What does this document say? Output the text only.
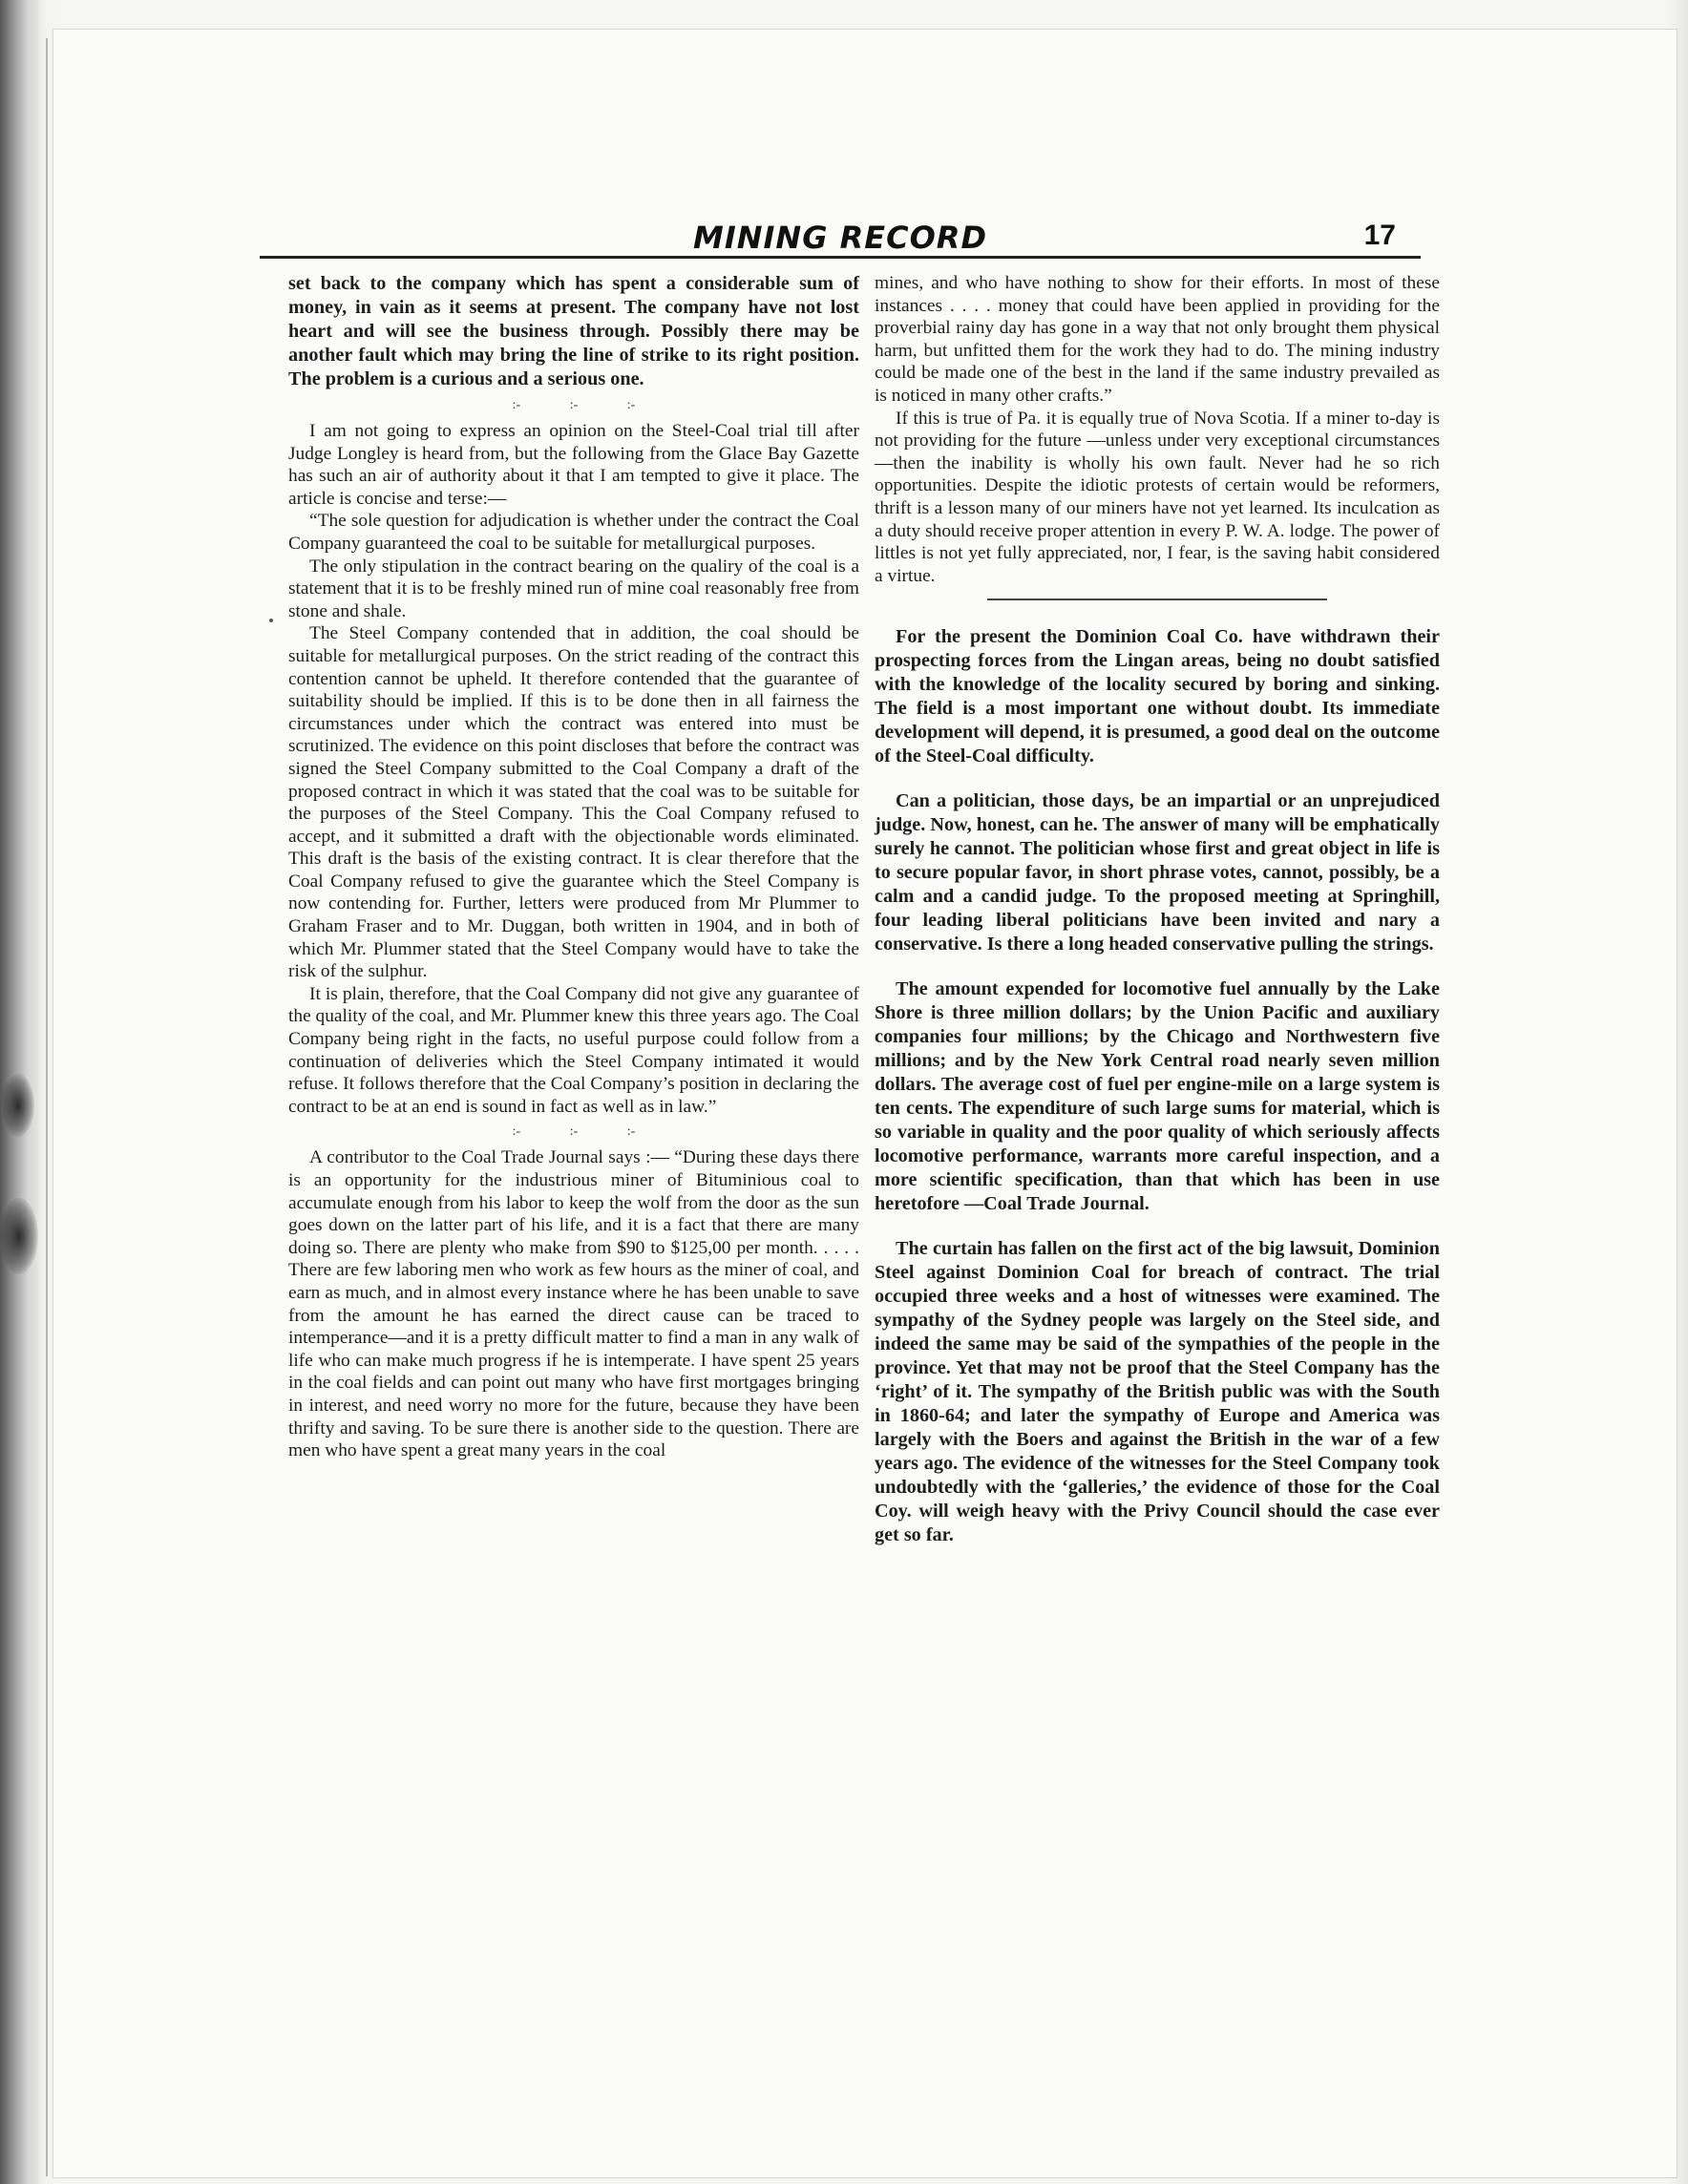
MINING RECORD	17

set back to the company which has spent a considerable sum of money, in vain as it seems at present. The company have not lost heart and will see the business through. Possibly there may be another fault which may bring the line of strike to its right position. The problem is a curious and a serious one.

:- :- :-

I am not going to express an opinion on the Steel-Coal trial till after Judge Longley is heard from, but the following from the Glace Bay Gazette has such an air of authority about it that I am tempted to give it place. The article is concise and terse:—

“The sole question for adjudication is whether under the contract the Coal Company guaranteed the coal to be suitable for metallurgical purposes.

The only stipulation in the contract bearing on the qualiry of the coal is a statement that it is to be freshly mined run of mine coal reasonably free from stone and shale.

The Steel Company contended that in addition, the coal should be suitable for metallurgical purposes. On the strict reading of the contract this contention cannot be upheld. It therefore contended that the guarantee of suitability should be implied. If this is to be done then in all fairness the circumstances under which the contract was entered into must be scrutinized. The evidence on this point discloses that before the contract was signed the Steel Company submitted to the Coal Company a draft of the proposed contract in which it was stated that the coal was to be suitable for the purposes of the Steel Company. This the Coal Company refused to accept, and it submitted a draft with the objectionable words eliminated. This draft is the basis of the existing contract. It is clear therefore that the Coal Company refused to give the guarantee which the Steel Company is now contending for. Further, letters were produced from Mr Plummer to Graham Fraser and to Mr. Duggan, both written in 1904, and in both of which Mr. Plummer stated that the Steel Company would have to take the risk of the sulphur.

It is plain, therefore, that the Coal Company did not give any guarantee of the quality of the coal, and Mr. Plummer knew this three years ago. The Coal Company being right in the facts, no useful purpose could follow from a continuation of deliveries which the Steel Company intimated it would refuse. It follows therefore that the Coal Company’s position in declaring the contract to be at an end is sound in fact as well as in law.”

:- :- :-

A contributor to the Coal Trade Journal says :— “During these days there is an opportunity for the industrious miner of Bituminious coal to accumulate enough from his labor to keep the wolf from the door as the sun goes down on the latter part of his life, and it is a fact that there are many doing so. There are plenty who make from $90 to $125,00 per month. . . . . There are few laboring men who work as few hours as the miner of coal, and earn as much, and in almost every instance where he has been unable to save from the amount he has earned the direct cause can be traced to intemperance—and it is a pretty difficult matter to find a man in any walk of life who can make much progress if he is intemperate. I have spent 25 years in the coal fields and can point out many who have first mortgages bringing in interest, and need worry no more for the future, because they have been thrifty and saving. To be sure there is another side to the question. There are men who have spent a great many years in the coal

mines, and who have nothing to show for their efforts. In most of these instances . . . . money that could have been applied in providing for the proverbial rainy day has gone in a way that not only brought them physical harm, but unfitted them for the work they had to do. The mining industry could be made one of the best in the land if the same industry prevailed as is noticed in many other crafts.”

If this is true of Pa. it is equally true of Nova Scotia. If a miner to-day is not providing for the future —unless under very exceptional circumstances—then the inability is wholly his own fault. Never had he so rich opportunities. Despite the idiotic protests of certain would be reformers, thrift is a lesson many of our miners have not yet learned. Its inculcation as a duty should receive proper attention in every P. W. A. lodge. The power of littles is not yet fully appreciated, nor, I fear, is the saving habit considered a virtue.

For the present the Dominion Coal Co. have withdrawn their prospecting forces from the Lingan areas, being no doubt satisfied with the knowledge of the locality secured by boring and sinking. The field is a most important one without doubt. Its immediate development will depend, it is presumed, a good deal on the outcome of the Steel-Coal difficulty.

Can a politician, those days, be an impartial or an unprejudiced judge. Now, honest, can he. The answer of many will be emphatically surely he cannot. The politician whose first and great object in life is to secure popular favor, in short phrase votes, cannot, possibly, be a calm and a candid judge. To the proposed meeting at Springhill, four leading liberal politicians have been invited and nary a conservative. Is there a long headed conservative pulling the strings.

The amount expended for locomotive fuel annually by the Lake Shore is three million dollars; by the Union Pacific and auxiliary companies four millions; by the Chicago and Northwestern five millions; and by the New York Central road nearly seven million dollars. The average cost of fuel per engine-mile on a large system is ten cents. The expenditure of such large sums for material, which is so variable in quality and the poor quality of which seriously affects locomotive performance, warrants more careful inspection, and a more scientific specification, than that which has been in use heretofore —Coal Trade Journal.

The curtain has fallen on the first act of the big lawsuit, Dominion Steel against Dominion Coal for breach of contract. The trial occupied three weeks and a host of witnesses were examined. The sympathy of the Sydney people was largely on the Steel side, and indeed the same may be said of the sympathies of the people in the province. Yet that may not be proof that the Steel Company has the ‘right’ of it. The sympathy of the British public was with the South in 1860-64; and later the sympathy of Europe and America was largely with the Boers and against the British in the war of a few years ago. The evidence of the witnesses for the Steel Company took undoubtedly with the ‘galleries,’ the evidence of those for the Coal Coy. will weigh heavy with the Privy Council should the case ever get so far.
